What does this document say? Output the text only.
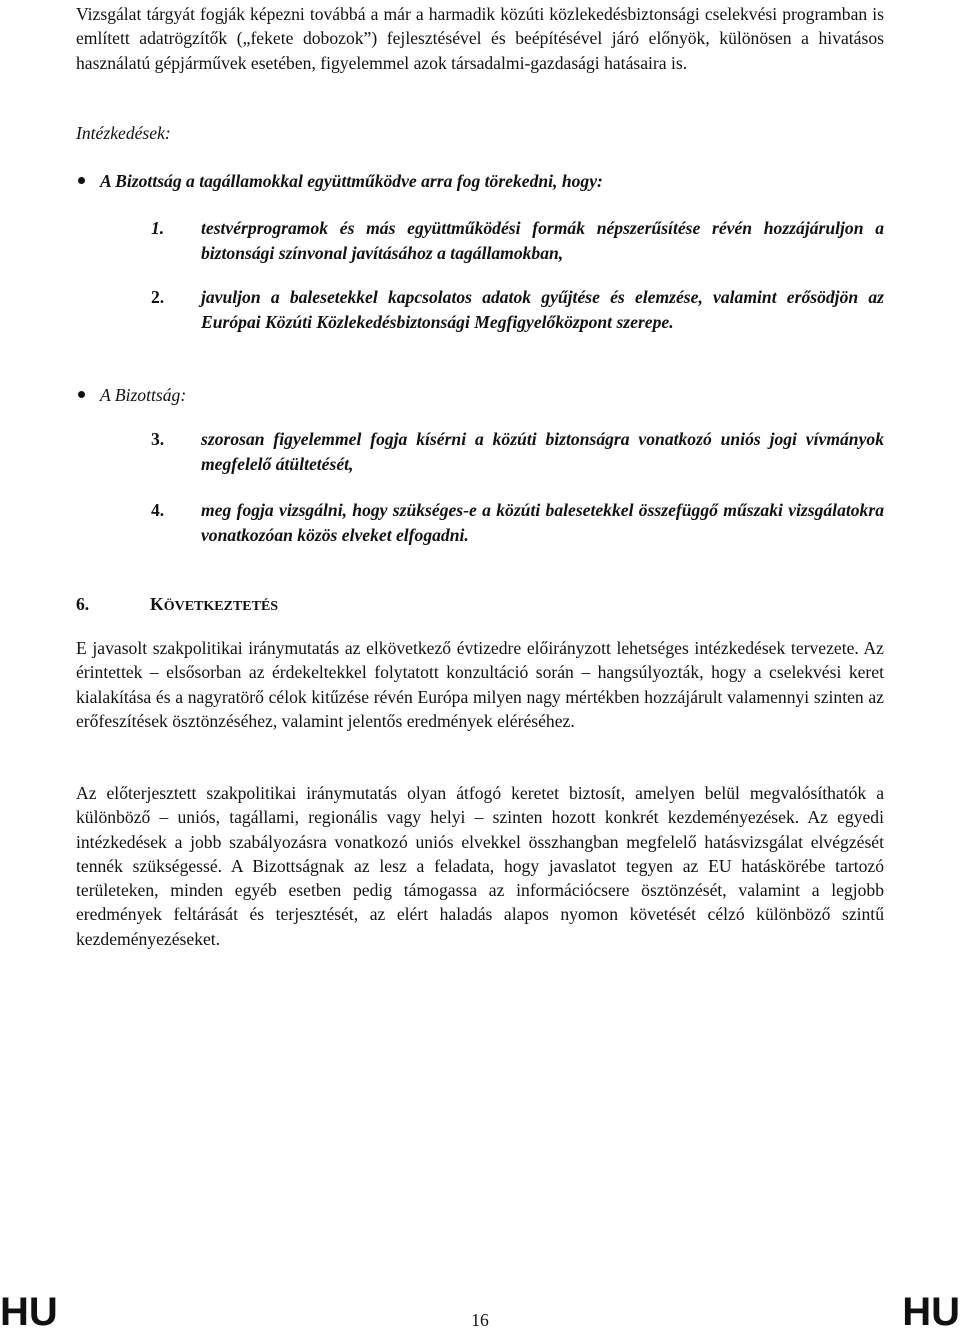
Vizsgálat tárgyát fogják képezni továbbá a már a harmadik közúti közlekedésbiztonsági cselekvési programban is említett adatrögzítők („fekete dobozok”) fejlesztésével és beépítésével járó előnyök, különösen a hivatásos használatú gépjárművek esetében, figyelemmel azok társadalmi-gazdasági hatásaira is.
Intézkedések:
A Bizottság a tagállamokkal együttműködve arra fog törekedni, hogy:
1. testvérprogramok és más együttműködési formák népszerűsítése révén hozzájáruljon a biztonsági színvonal javításához a tagállamokban,
2. javuljon a balesetekkel kapcsolatos adatok gyűjtése és elemzése, valamint erősödjön az Európai Közúti Közlekedésbiztonsági Megfigyelőközpont szerepe.
A Bizottság:
3. szorosan figyelemmel fogja kísérni a közúti biztonságra vonatkozó uniós jogi vívmányok megfelelő átültetését,
4. meg fogja vizsgálni, hogy szükséges-e a közúti balesetekkel összefüggő műszaki vizsgálatokra vonatkozóan közös elveket elfogadni.
6.	KÖVETKEZTETÉS
E javasolt szakpolitikai iránymutatás az elkövetkező évtizedre előirányzott lehetséges intézkedések tervezete. Az érintettek – elsősorban az érdekeltekkel folytatott konzultáció során – hangsúlyozták, hogy a cselekvési keret kialakítása és a nagyratörő célok kitűzése révén Európa milyen nagy mértékben hozzájárult valamennyi szinten az erőfeszítések ösztönzéséhez, valamint jelentős eredmények eléréséhez.
Az előterjesztett szakpolitikai iránymutatás olyan átfogó keretet biztosít, amelyen belül megvalósíthatók a különböző – uniós, tagállami, regionális vagy helyi – szinten hozott konkrét kezdeményezések. Az egyedi intézkedések a jobb szabályozásra vonatkozó uniós elvekkel összhangban megfelelő hatásvizsgálat elvégzését tennék szükségessé. A Bizottságnak az lesz a feladata, hogy javaslatot tegyen az EU hatáskörébe tartozó területeken, minden egyéb esetben pedig támogassa az információcsere ösztönzését, valamint a legjobb eredmények feltárását és terjesztését, az elért haladás alapos nyomon követését célzó különböző szintű kezdeményezéseket.
HU	16	HU
